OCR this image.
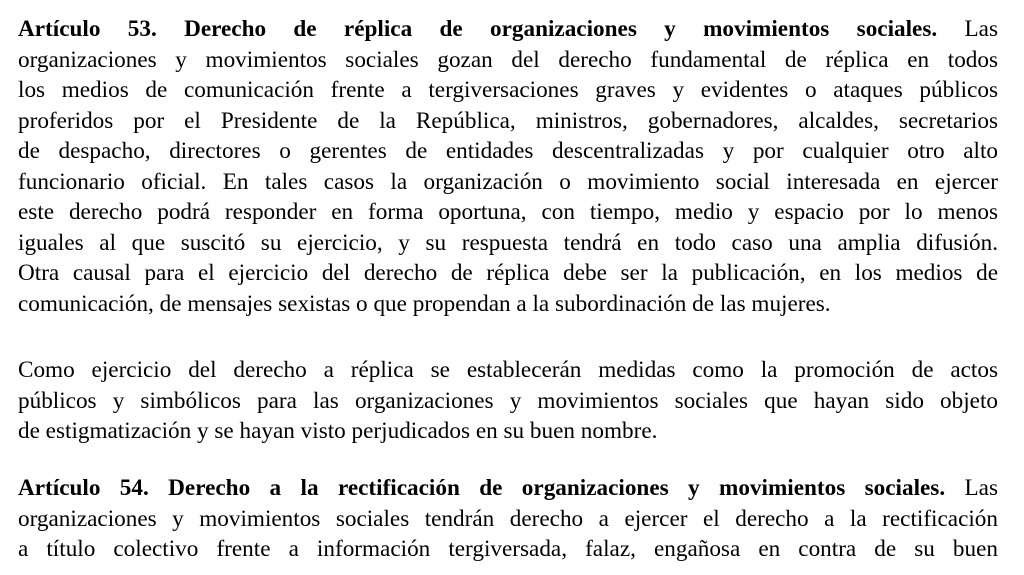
Artículo 53. Derecho de réplica de organizaciones y movimientos sociales. Las
organizaciones y movimientos sociales gozan del derecho fundamental de réplica en todos
los medios de comunicación frente a tergiversaciones graves y evidentes o ataques públicos
proferidos por el Presidente de la República, ministros, gobernadores, alcaldes, secretarios
de despacho, directores o gerentes de entidades descentralizadas y por cualquier otro alto
funcionario oficial. En tales casos la organización o movimiento social interesada en ejercer
este derecho podrá responder en forma oportuna, con tiempo, medio y espacio por lo menos
iguales al que suscitó su ejercicio, y su respuesta tendrá en todo caso una amplia difusión.
Otra causal para el ejercicio del derecho de réplica debe ser la publicación, en los medios de
comunicación, de mensajes sexistas o que propendan a la subordinación de las mujeres.
Como ejercicio del derecho a réplica se establecerán medidas como la promoción de actos
públicos y simbólicos para las organizaciones y movimientos sociales que hayan sido objeto
de estigmatización y se hayan visto perjudicados en su buen nombre.
Artículo 54. Derecho a la rectificación de organizaciones y movimientos sociales. Las
organizaciones y movimientos sociales tendrán derecho a ejercer el derecho a la rectificación
a título colectivo frente a información tergiversada, falaz, engañosa en contra de su buen
